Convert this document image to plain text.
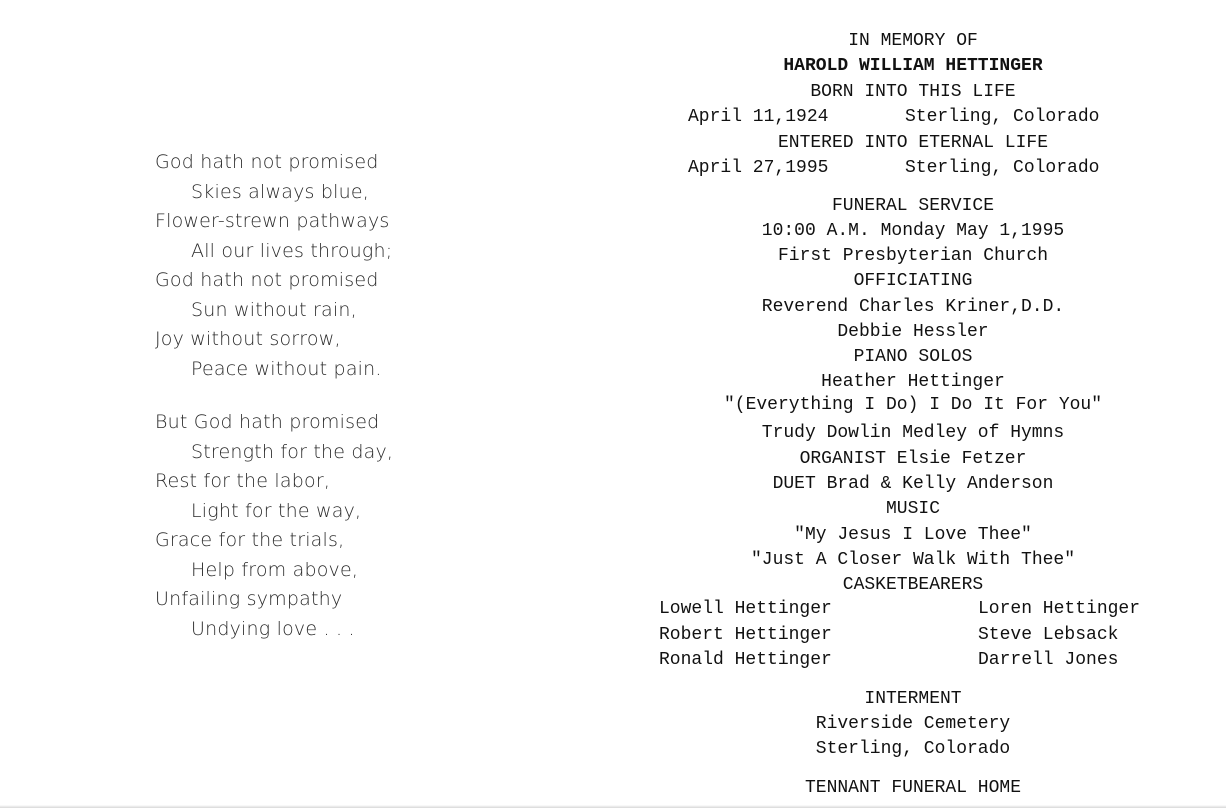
God hath not promised
Skies always blue,
Flower-strewn pathways
All our lives through;
God hath not promised
Sun without rain,
Joy without sorrow,
Peace without pain.
But God hath promised
Strength for the day,
Rest for the labor,
Light for the way,
Grace for the trials,
Help from above,
Unfailing sympathy
Undying love . . .
IN MEMORY OF
HAROLD WILLIAM HETTINGER
BORN INTO THIS LIFE
April 11,1924	Sterling, Colorado
ENTERED INTO ETERNAL LIFE
April 27,1995	Sterling, Colorado
FUNERAL SERVICE
10:00 A.M. Monday May 1,1995
First Presbyterian Church
OFFICIATING
Reverend Charles Kriner,D.D.
Debbie Hessler
PIANO SOLOS
Heather Hettinger
"(Everything I Do) I Do It For You"
Trudy Dowlin Medley of Hymns
ORGANIST Elsie Fetzer
DUET Brad & Kelly Anderson
MUSIC
"My Jesus I Love Thee"
"Just A Closer Walk With Thee"
CASKETBEARERS
Lowell Hettinger	Loren Hettinger
Robert Hettinger	Steve Lebsack
Ronald Hettinger	Darrell Jones
INTERMENT
Riverside Cemetery
Sterling, Colorado
TENNANT FUNERAL HOME
